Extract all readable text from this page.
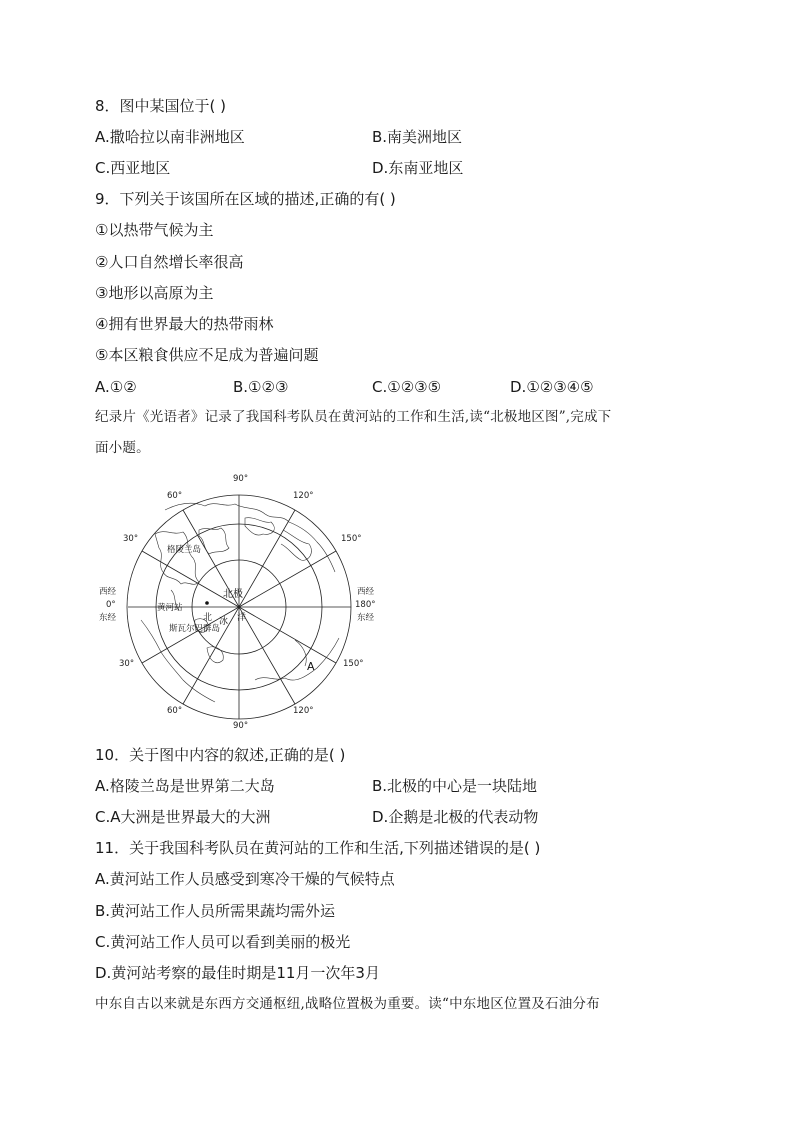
8．图中某国位于( )
A.撒哈拉以南非洲地区	B.南美洲地区
C.西亚地区	D.东南亚地区
9．下列关于该国所在区域的描述,正确的有( )
①以热带气候为主
②人口自然增长率很高
③地形以高原为主
④拥有世界最大的热带雨林
⑤本区粮食供应不足成为普遍问题
A.①②	B.①②③	C.①②③⑤	D.①②③④⑤
纪录片《光语者》记录了我国科考队员在黄河站的工作和生活,读“北极地区图”,完成下
面小题。
90°
60°	120°
30°	150°
30°	150°
60°	120°
90°
西经
0°
东经
西经
180°
东经
格陵兰岛
黄河站
斯瓦尔巴群岛
北极
北 冰 洋
A
10．关于图中内容的叙述,正确的是( )
A.格陵兰岛是世界第二大岛	B.北极的中心是一块陆地
C.A大洲是世界最大的大洲	D.企鹅是北极的代表动物
11．关于我国科考队员在黄河站的工作和生活,下列描述错误的是( )
A.黄河站工作人员感受到寒冷干燥的气候特点
B.黄河站工作人员所需果蔬均需外运
C.黄河站工作人员可以看到美丽的极光
D.黄河站考察的最佳时期是11月一次年3月
中东自古以来就是东西方交通枢纽,战略位置极为重要。读“中东地区位置及石油分布
